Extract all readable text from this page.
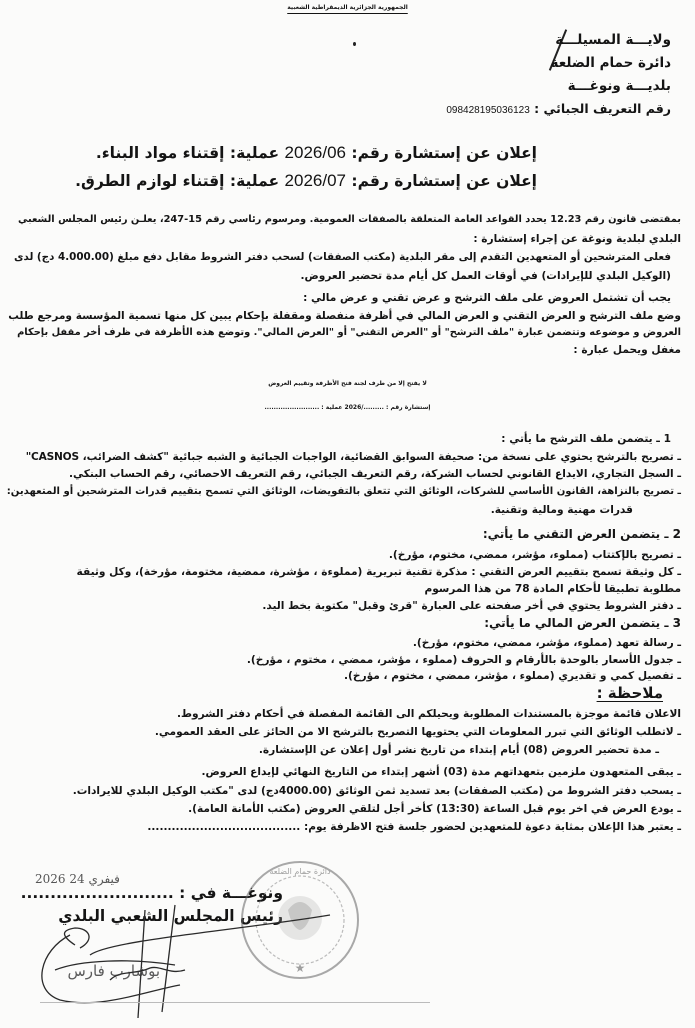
الجمهورية الجزائرية الديمقراطية الشعبية
ولايـــة المسيلـــة
دائرة حمام الضلعة
بلديـــة ونوغـــة
رقم التعريف الجبائي : 098428195036123
إعلان عن إستشارة رقم: 2026/06 عملية: إقتناء مواد البناء.
إعلان عن إستشارة رقم: 2026/07 عملية: إقتناء لوازم الطرق.
بمقتضى قانون رقم 12.23 يحدد القواعد العامة المتعلقة بالصفقات العمومية. ومرسوم رئاسي رقم 15-247، يعلـن رئيس المجلس الشعبي
البلدي لبلدية ونوغة عن إجراء إستشارة :
فعلى المترشحين أو المتعهدين التقدم إلى مقر البلدية (مكتب الصفقات) لسحب دفتر الشروط مقابل دفع مبلغ (4.000.00 دج) لدى
(الوكيل البلدي للإيرادات) في أوقات العمل كل أيام مدة تحضير العروض.
يجب أن تشتمل العروض على ملف الترشح و عرض تقني و عرض مالي :
وضع ملف الترشح و العرض التقني و العرض المالي في أظرفة منفصلة ومقفلة بإحكام يبين كل منها تسمية المؤسسة ومرجع طلب
العروض و موضوعه وتتضمن عبارة "ملف الترشح" أو "العرض التقني" أو "العرض المالي". وتوضع هذه الأظرفة في ظرف أخر مقفل بإحكام
مغفل ويحمل عبارة :
لا يفتح إلا من طرف لجنة فتح الأظرفة وتقييم العروض
إستشارة رقم : ........./2026 عملية : ........................
1 ـ يتضمن ملف الترشح ما يأتي :
ـ تصريح بالترشح يحتوي على نسخة من: صحيفة السوابق القضائية، الواجبات الجبائية و الشبه جبائية "كشف الضرائب، CASNOS"
ـ السجل التجاري، الايداع القانوني لحساب الشركة، رقم التعريف الجبائي، رقم التعريف الاحصائي، رقم الحساب البنكي.
ـ تصريح بالنزاهة، القانون الأساسي للشركات، الوثائق التي تتعلق بالتفويضات، الوثائق التي تسمح بتقييم قدرات المترشحين أو المتعهدين:
قدرات مهنية ومالية وتقنية.
2 ـ يتضمن العرض التقني ما يأتي:
ـ تصريح بالإكتتاب (مملوء، مؤشر، ممضي، مختوم، مؤرخ).
ـ كل وثيقة تسمح بتقييم العرض التقني : مذكرة تقنية تبريرية (مملوءة ، مؤشرة، ممضية، مختومة، مؤرخة)، وكل وثيقة
مطلوبة تطبيقا لأحكام المادة 78 من هذا المرسوم
ـ دفتر الشروط يحتوي في أخر صفحته على العبارة "قرئ وقبل" مكتوبة بخط اليد.
3 ـ يتضمن العرض المالي ما يأتي:
ـ رسالة تعهد (مملوء، مؤشر، ممضي، مختوم، مؤرخ).
ـ جدول الأسعار بالوحدة بالأرقام و الحروف (مملوء ، مؤشر، ممضي ، مختوم ، مؤرخ).
ـ تفصيل كمي و تقديري (مملوء ، مؤشر، ممضي ، مختوم ، مؤرخ).
ملاحظة :
الاعلان قائمة موجزة بالمستندات المطلوبة ويحيلكم الى القائمة المفصلة في أحكام دفتر الشروط.
ـ لاتطلب الوثائق التي تبرر المعلومات التي يحتويها التصريح بالترشح الا من الحائز على العقد العمومي.
ـ مدة تحضير العروض (08) أيام إبتداء من تاريخ نشر أول إعلان عن الإستشارة.
ـ يبقى المتعهدون ملزمين بتعهداتهم مدة (03) أشهر إبتداء من التاريخ النهائي لإيداع العروض.
ـ يسحب دفتر الشروط من (مكتب الصفقات) بعد تسديد ثمن الوثائق (4000.00دج) لدى "مكتب الوكيل البلدي للايرادات.
ـ يودع العرض في اخر يوم قبل الساعة (13:30) كأخر أجل لتلقي العروض (مكتب الأمانة العامة).
ـ يعتبر هذا الإعلان بمثابة دعوة للمتعهدين لحضور جلسة فتح الاظرفة يوم: ......................................
2026 فيفري 24
ونوغـــة في : ..........................
رئيس المجلس الشعبي البلدي
★
دائرة حمام الضلعة
بوشارب فارس
